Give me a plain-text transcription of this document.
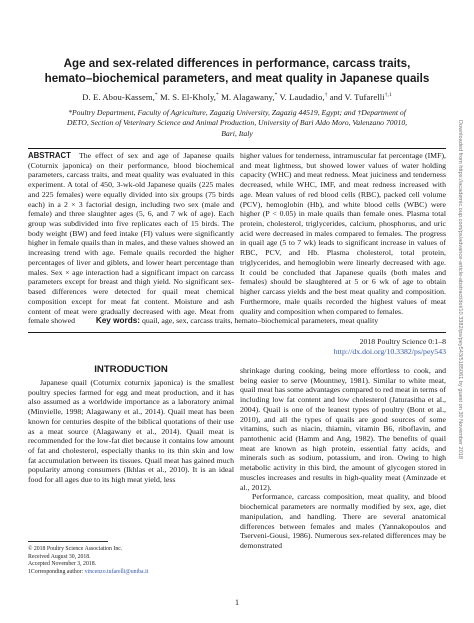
Age and sex-related differences in performance, carcass traits, hemato–biochemical parameters, and meat quality in Japanese quails
D. E. Abou-Kassem,* M. S. El-Kholy,* M. Alagawany,* V. Laudadio,† and V. Tufarelli$^{\dagger,1}$
*Poultry Department, Faculty of Agriculture, Zagazig University, Zagazig 44519, Egypt; and †Department of
DETO, Section of Veterinary Science and Animal Production, University of Bari Aldo Moro, Valenzano 70010,
Bari, Italy
ABSTRACT The effect of sex and age of Japanese quails (Coturnix japonica) on their performance, blood biochemical parameters, carcass traits, and meat quality was evaluated in this experiment. A total of 450, 3-wk-old Japanese quails (225 males and 225 females) were equally divided into six groups (75 birds each) in a 2 × 3 factorial design, including two sex (male and female) and three slaughter ages (5, 6, and 7 wk of age). Each group was subdivided into five replicates each of 15 birds. The body weight (BW) and feed intake (FI) values were significantly higher in female quails than in males, and these values showed an increasing trend with age. Female quails recorded the higher percentages of liver and giblets, and lower heart percentage than males. Sex × age interaction had a significant impact on carcass parameters except for breast and thigh yield. No significant sex-based differences were detected for quail meat chemical composition except for meat fat content. Moisture and ash content of meat were gradually decreased with age. Meat from female showed
higher values for tenderness, intramuscular fat percentage (IMF), and meat lightness, but showed lower values of water holding capacity (WHC) and meat redness. Meat juiciness and tenderness decreased, while WHC, IMF, and meat redness increased with age. Mean values of red blood cells (RBC), packed cell volume (PCV), hemoglobin (Hb), and white blood cells (WBC) were higher (P < 0.05) in male quails than female ones. Plasma total protein, cholesterol, triglycerides, calcium, phosphorus, and uric acid were decreased in males compared to females. The progress in quail age (5 to 7 wk) leads to significant increase in values of RBC, PCV, and Hb. Plasma cholesterol, total protein, triglycerides, and hemoglobin were linearly decreased with age. It could be concluded that Japanese quails (both males and females) should be slaughtered at 5 or 6 wk of age to obtain higher carcass yields and the best meat quality and composition. Furthermore, male quails recorded the highest values of meat quality and composition when compared to females.
Key words: quail, age, sex, carcass traits, hemato–biochemical parameters, meat quality
2018 Poultry Science 0:1–8
http://dx.doi.org/10.3382/ps/pey543
INTRODUCTION
Japanese quail (Coturnix coturnix japonica) is the smallest poultry species farmed for egg and meat production, and it has also assumed as a worldwide importance as a laboratory animal (Minvielle, 1998; Alagawany et al., 2014). Quail meat has been known for centuries despite of the biblical quotations of their use as a meat source (Alagawany et al., 2014). Quail meat is recommended for the low-fat diet because it contains low amount of fat and cholesterol, especially thanks to its thin skin and low fat accumulation between its tissues. Quail meat has gained much popularity among consumers (Ikhlas et al., 2010). It is an ideal food for all ages due to its high meat yield, less
shrinkage during cooking, being more effortless to cook, and being easier to serve (Mountney, 1981). Similar to white meat, quail meat has some advantages compared to red meat in terms of including low fat content and low cholesterol (Jaturasitha et al., 2004). Quail is one of the leanest types of poultry (Bont et al., 2010), and all the types of quails are good sources of some vitamins, such as niacin, thiamin, vitamin B6, riboflavin, and pantothenic acid (Hamm and Ang, 1982). The benefits of quail meat are known as high protein, essential fatty acids, and minerals such as sodium, potassium, and iron. Owing to high metabolic activity in this bird, the amount of glycogen stored in muscles increases and results in high-quality meat (Aminzade et al., 2012).
Performance, carcass composition, meat quality, and blood biochemical parameters are normally modified by sex, age, diet manipulation, and handling. There are several anatomical differences between females and males (Yannakopoulos and Tserveni-Gousi, 1986). Numerous sex-related differences may be demonstrated
© 2018 Poultry Science Association Inc.
Received August 30, 2018.
Accepted November 3, 2018.
1Corresponding author: vincenzo.tufarelli@uniba.it
1
Downloaded from https://academic.oup.com/ps/advance-article-abstract/doi/10.3382/ps/pey543/5185061 by guest on 30 November 2018
